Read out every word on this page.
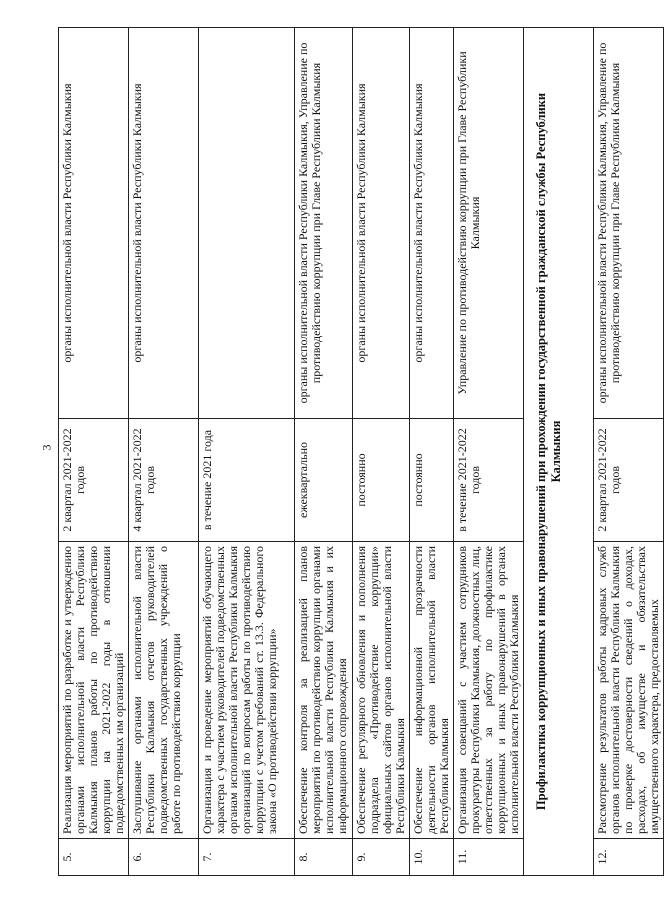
3
5.	Реализация мероприятий по разработке и утверждению органами исполнительной власти Республики Калмыкия планов работы по противодействию коррупции на 2021-2022 годы в отношении подведомственных им организаций	2 квартал 2021-2022 годов	органы исполнительной власти Республики Калмыкия
6.	Заслушивание органами исполнительной власти Республики Калмыкия отчетов руководителей подведомственных государственных учреждений о работе по противодействию коррупции	4 квартал 2021-2022 годов	органы исполнительной власти Республики Калмыкия
7.	Организация и проведение мероприятий обучающего характера с участием руководителей подведомственных органам исполнительной власти Республики Калмыкия организаций по вопросам работы по противодействию коррупции с учетом требований ст. 13.3. Федерального закона «О противодействии коррупции»	в течение 2021 года	
8.	Обеспечение контроля за реализацией планов мероприятий по противодействию коррупции органами исполнительной власти Республики Калмыкия и их информационного сопровождения	ежеквартально	органы исполнительной власти Республики Калмыкия, Управление по противодействию коррупции при Главе Республики Калмыкия
9.	Обеспечение регулярного обновления и пополнения подраздела «Противодействие коррупции» официальных сайтов органов исполнительной власти Республики Калмыкия	постоянно	органы исполнительной власти Республики Калмыкия
10.	Обеспечение информационной прозрачности деятельности органов исполнительной власти Республики Калмыкия	постоянно	органы исполнительной власти Республики Калмыкия
11.	Организация совещаний с участием сотрудников прокуратуры Республики Калмыкия, должностных лиц, ответственных за работу по профилактике коррупционных и иных правонарушений в органах исполнительной власти Республики Калмыкия	в течение 2021-2022 годов	Управление по противодействию коррупции при Главе Республики Калмыкия
Профилактика коррупционных и иных правонарушений при прохождении государственной гражданской службы Республики Калмыкия			
12.	Рассмотрение результатов работы кадровых служб органов исполнительной власти Республики Калмыкия по проверке достоверности сведений о доходах, расходах, об имуществе и обязательствах имущественного характера, предоставляемых	2 квартал 2021-2022 годов	органы исполнительной власти Республики Калмыкия, Управление по противодействию коррупции при Главе Республики Калмыкия
